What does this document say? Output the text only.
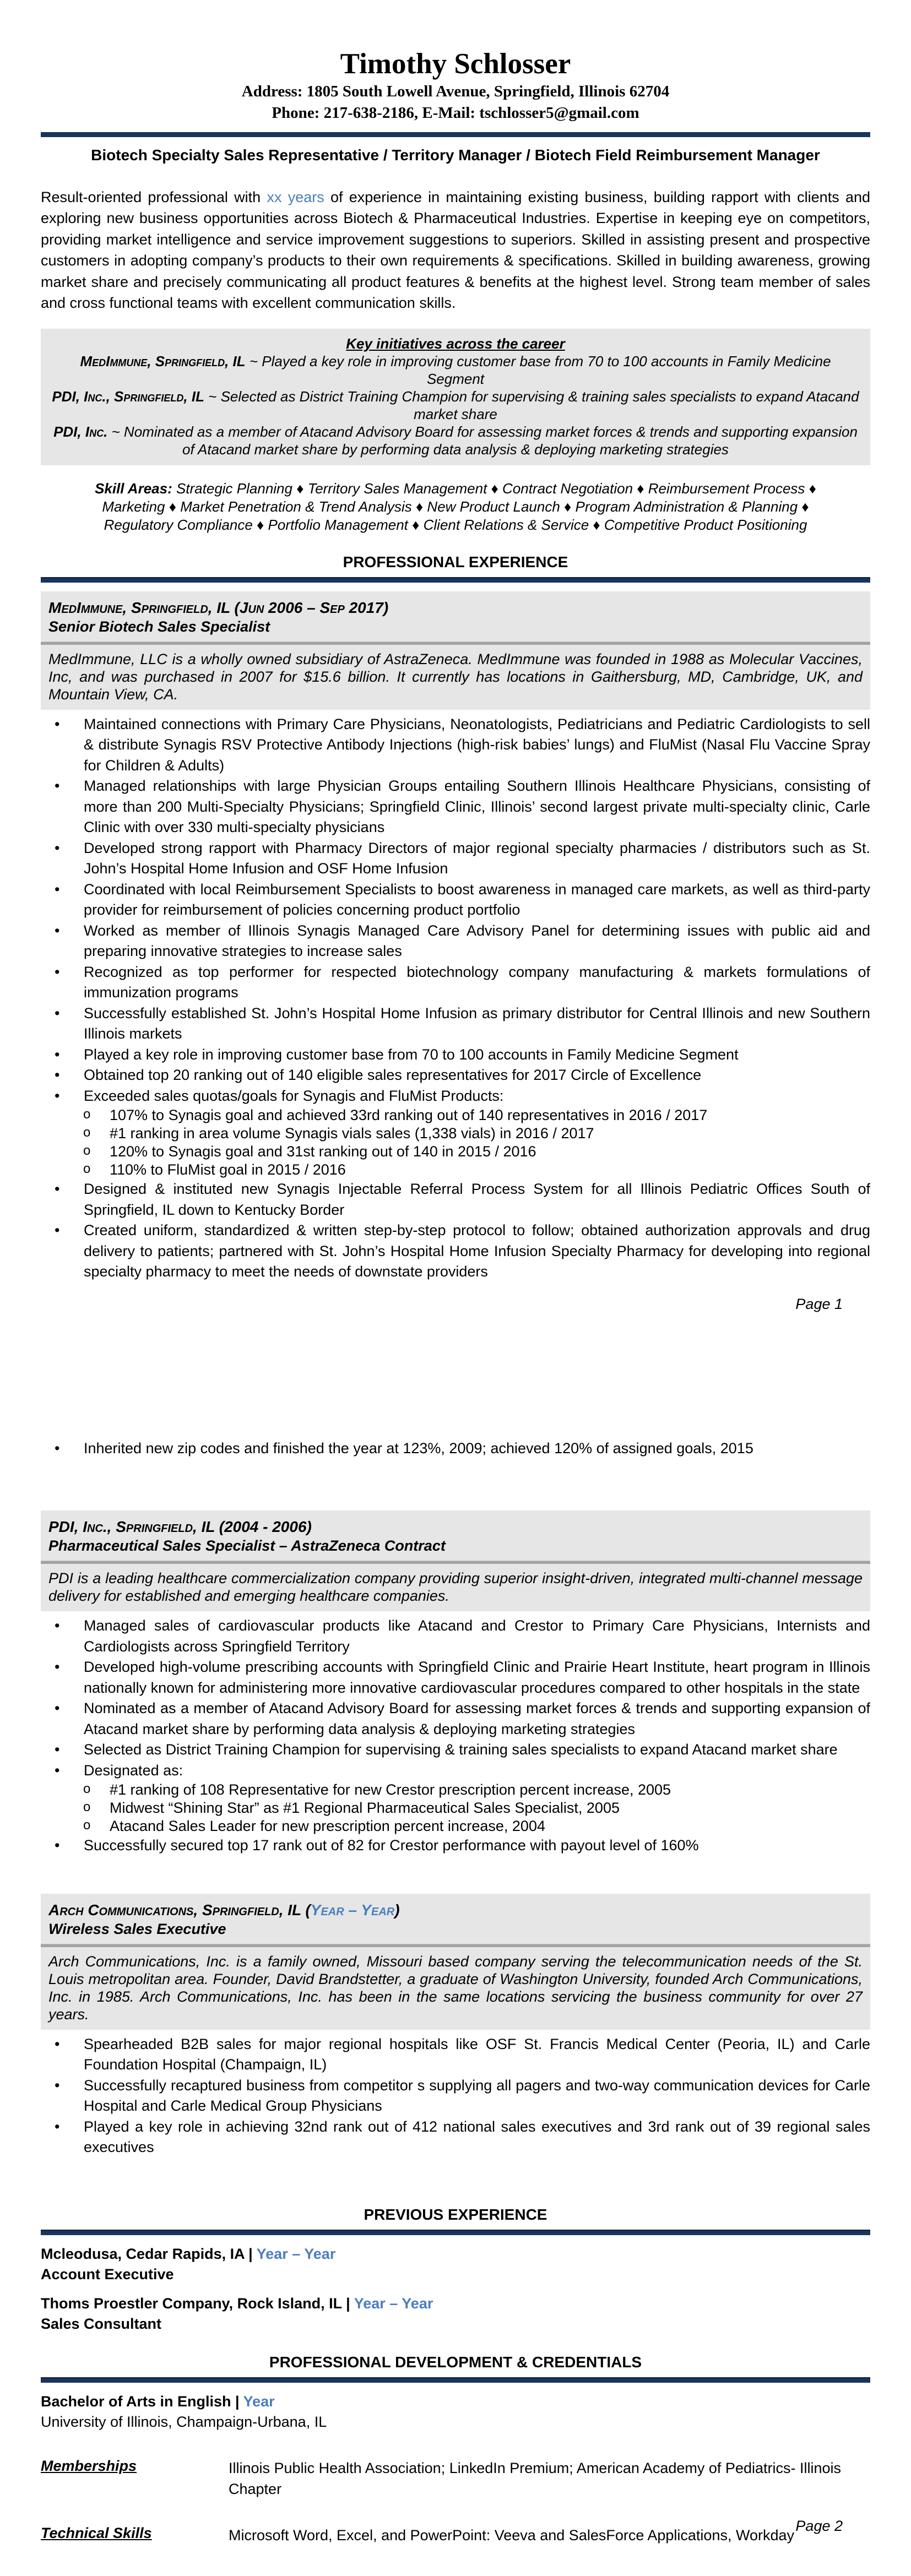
Timothy Schlosser
Address: 1805 South Lowell Avenue, Springfield, Illinois 62704
Phone: 217-638-2186, E-Mail: tschlosser5@gmail.com
Biotech Specialty Sales Representative / Territory Manager / Biotech Field Reimbursement Manager

Result-oriented professional with xx years of experience in maintaining existing business, building rapport with clients and exploring new business opportunities across Biotech & Pharmaceutical Industries. Expertise in keeping eye on competitors, providing market intelligence and service improvement suggestions to superiors. Skilled in assisting present and prospective customers in adopting company’s products to their own requirements & specifications. Skilled in building awareness, growing market share and precisely communicating all product features & benefits at the highest level. Strong team member of sales and cross functional teams with excellent communication skills.

Key initiatives across the career
MedImmune, Springfield, IL ~ Played a key role in improving customer base from 70 to 100 accounts in Family Medicine Segment
PDI, Inc., Springfield, IL ~ Selected as District Training Champion for supervising & training sales specialists to expand Atacand market share
PDI, Inc. ~ Nominated as a member of Atacand Advisory Board for assessing market forces & trends and supporting expansion of Atacand market share by performing data analysis & deploying marketing strategies
Skill Areas: Strategic Planning ♦ Territory Sales Management ♦ Contract Negotiation ♦ Reimbursement Process ♦ Marketing ♦ Market Penetration & Trend Analysis ♦ New Product Launch ♦ Program Administration & Planning ♦ Regulatory Compliance ♦ Portfolio Management ♦ Client Relations & Service ♦ Competitive Product Positioning
PROFESSIONAL EXPERIENCE
MedImmune, Springfield, IL (Jun 2006 – Sep 2017)
Senior Biotech Sales Specialist
MedImmune, LLC is a wholly owned subsidiary of AstraZeneca. MedImmune was founded in 1988 as Molecular Vaccines, Inc, and was purchased in 2007 for $15.6 billion. It currently has locations in Gaithersburg, MD, Cambridge, UK, and Mountain View, CA.
• Maintained connections with Primary Care Physicians, Neonatologists, Pediatricians and Pediatric Cardiologists to sell & distribute Synagis RSV Protective Antibody Injections (high-risk babies’ lungs) and FluMist (Nasal Flu Vaccine Spray for Children & Adults)
• Managed relationships with large Physician Groups entailing Southern Illinois Healthcare Physicians, consisting of more than 200 Multi-Specialty Physicians; Springfield Clinic, Illinois’ second largest private multi-specialty clinic, Carle Clinic with over 330 multi-specialty physicians
• Developed strong rapport with Pharmacy Directors of major regional specialty pharmacies / distributors such as St. John’s Hospital Home Infusion and OSF Home Infusion
• Coordinated with local Reimbursement Specialists to boost awareness in managed care markets, as well as third-party provider for reimbursement of policies concerning product portfolio
• Worked as member of Illinois Synagis Managed Care Advisory Panel for determining issues with public aid and preparing innovative strategies to increase sales
• Recognized as top performer for respected biotechnology company manufacturing & markets formulations of immunization programs
• Successfully established St. John’s Hospital Home Infusion as primary distributor for Central Illinois and new Southern Illinois markets
• Played a key role in improving customer base from 70 to 100 accounts in Family Medicine Segment
• Obtained top 20 ranking out of 140 eligible sales representatives for 2017 Circle of Excellence
• Exceeded sales quotas/goals for Synagis and FluMist Products:
o 107% to Synagis goal and achieved 33rd ranking out of 140 representatives in 2016 / 2017
o #1 ranking in area volume Synagis vials sales (1,338 vials) in 2016 / 2017
o 120% to Synagis goal and 31st ranking out of 140 in 2015 / 2016
o 110% to FluMist goal in 2015 / 2016
• Designed & instituted new Synagis Injectable Referral Process System for all Illinois Pediatric Offices South of Springfield, IL down to Kentucky Border
• Created uniform, standardized & written step-by-step protocol to follow; obtained authorization approvals and drug delivery to patients; partnered with St. John’s Hospital Home Infusion Specialty Pharmacy for developing into regional specialty pharmacy to meet the needs of downstate providers
Page 1
• Inherited new zip codes and finished the year at 123%, 2009; achieved 120% of assigned goals, 2015
PDI, Inc., Springfield, IL (2004 - 2006)
Pharmaceutical Sales Specialist – AstraZeneca Contract
PDI is a leading healthcare commercialization company providing superior insight-driven, integrated multi-channel message delivery for established and emerging healthcare companies.
• Managed sales of cardiovascular products like Atacand and Crestor to Primary Care Physicians, Internists and Cardiologists across Springfield Territory
• Developed high-volume prescribing accounts with Springfield Clinic and Prairie Heart Institute, heart program in Illinois nationally known for administering more innovative cardiovascular procedures compared to other hospitals in the state
• Nominated as a member of Atacand Advisory Board for assessing market forces & trends and supporting expansion of Atacand market share by performing data analysis & deploying marketing strategies
• Selected as District Training Champion for supervising & training sales specialists to expand Atacand market share
• Designated as:
o #1 ranking of 108 Representative for new Crestor prescription percent increase, 2005
o Midwest “Shining Star” as #1 Regional Pharmaceutical Sales Specialist, 2005
o Atacand Sales Leader for new prescription percent increase, 2004
• Successfully secured top 17 rank out of 82 for Crestor performance with payout level of 160%
Arch Communications, Springfield, IL (Year – Year)
Wireless Sales Executive
Arch Communications, Inc. is a family owned, Missouri based company serving the telecommunication needs of the St. Louis metropolitan area. Founder, David Brandstetter, a graduate of Washington University, founded Arch Communications, Inc. in 1985. Arch Communications, Inc. has been in the same locations servicing the business community for over 27 years.
• Spearheaded B2B sales for major regional hospitals like OSF St. Francis Medical Center (Peoria, IL) and Carle Foundation Hospital (Champaign, IL)
• Successfully recaptured business from competitor s supplying all pagers and two-way communication devices for Carle Hospital and Carle Medical Group Physicians
• Played a key role in achieving 32nd rank out of 412 national sales executives and 3rd rank out of 39 regional sales executives
PREVIOUS EXPERIENCE
Mcleodusa, Cedar Rapids, IA | Year – Year
Account Executive
Thoms Proestler Company, Rock Island, IL | Year – Year
Sales Consultant
PROFESSIONAL DEVELOPMENT & CREDENTIALS
Bachelor of Arts in English | Year
University of Illinois, Champaign-Urbana, IL
Memberships	Illinois Public Health Association; LinkedIn Premium; American Academy of Pediatrics- Illinois Chapter
Technical Skills	Microsoft Word, Excel, and PowerPoint: Veeva and SalesForce Applications, Workday
Page 2
